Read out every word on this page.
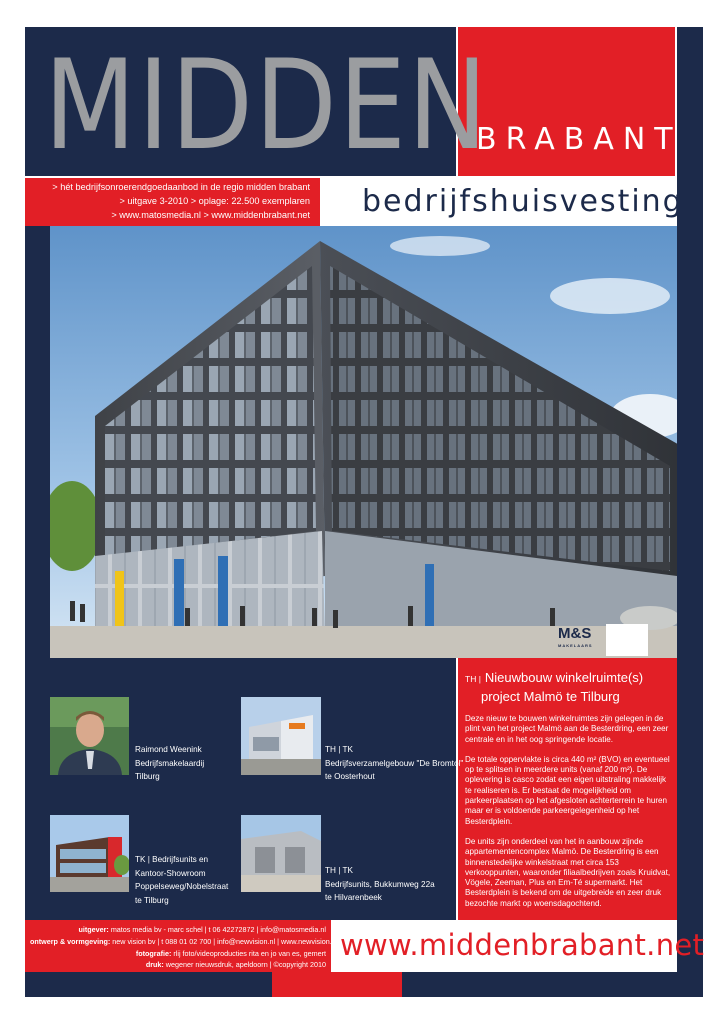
MIDDEN
BRABANT
> hét bedrijfsonroerendgoedaanbod in de regio midden brabant
> uitgave 3-2010 > oplage: 22.500 exemplaren
> www.matosmedia.nl > www.middenbrabant.net bedrijfshuisvesting
M&S
MAKELAARS
Raimond Weenink
Bedrijfsmakelaardij
Tilburg
TH | TK
Bedrijfsverzamelgebouw "De Bromtol"
te Oosterhout
TK | Bedrijfsunits en
Kantoor-Showroom
Poppelseweg/Nobelstraat
te Tilburg
TH | TK
Bedrijfsunits, Bukkumweg 22a
te Hilvarenbeek
TH | Nieuwbouw winkelruimte(s)
project Malmö te Tilburg

Deze nieuw te bouwen winkelruimtes zijn gelegen in de plint van het project Malmö aan de Besterdring, een zeer centrale en in het oog springende locatie.

De totale oppervlakte is circa 440 m² (BVO) en eventueel op te splitsen in meerdere units (vanaf 200 m²). De oplevering is casco zodat een eigen uitstraling makkelijk te realiseren is. Er bestaat de mogelijkheid om parkeerplaatsen op het afgesloten achterterrein te huren maar er is voldoende parkeergelegenheid op het Besterdplein.

De units zijn onderdeel van het in aanbouw zijnde appartementencomplex Malmö. De Besterdring is een binnenstedelijke winkelstraat met circa 153 verkooppunten, waaronder filiaalbedrijven zoals Kruidvat, Vögele, Zeeman, Plus en Em-Té supermarkt. Het Besterdplein is bekend om de uitgebreide en zeer druk bezochte markt op woensdagochtend.

Huurprijs € 200,- per m² per jaar exclusief btw

uitgever: matos media bv - marc schel | t 06 42272872 | info@matosmedia.nl
ontwerp & vormgeving: new vision bv | t 088 01 02 700 | info@newvision.nl | www.newvision.nl
fotografie: rlij foto/videoproducties rita en jo van es, gemert
druk: wegener nieuwsdruk, apeldoorn | ©copyright 2010
www.middenbrabant.net
